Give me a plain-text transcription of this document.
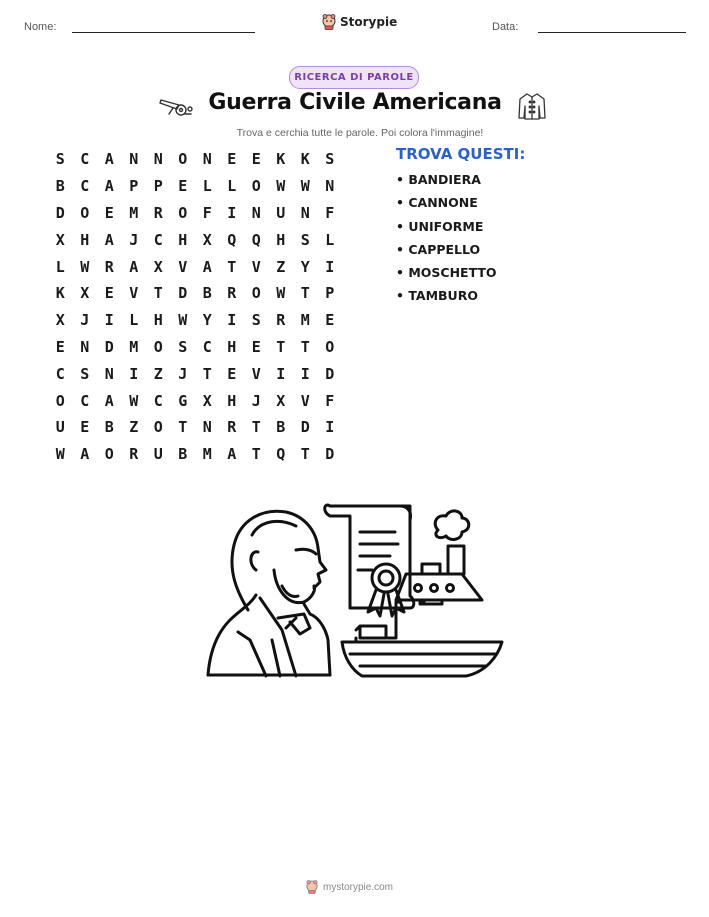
Nome:	Storypie	Data:
RICERCA DI PAROLE
Guerra Civile Americana
Trova e cerchia tutte le parole. Poi colora l'immagine!
S	C	A	N	N	O	N	E	E	K	K	S
B	C	A	P	P	E	L	L	O	W	W	N
D	O	E	M	R	O	F	I	N	U	N	F
X	H	A	J	C	H	X	Q	Q	H	S	L
L	W	R	A	X	V	A	T	V	Z	Y	I
K	X	E	V	T	D	B	R	O	W	T	P
X	J	I	L	H	W	Y	I	S	R	M	E
E	N	D	M	O	S	C	H	E	T	T	O
C	S	N	I	Z	J	T	E	V	I	I	D
O	C	A	W	C	G	X	H	J	X	V	F
U	E	B	Z	O	T	N	R	T	B	D	I
W	A	O	R	U	B	M	A	T	Q	T	D
TROVA QUESTI:
• BANDIERA
• CANNONE
• UNIFORME
• CAPPELLO
• MOSCHETTO
• TAMBURO
mystorypie.com
